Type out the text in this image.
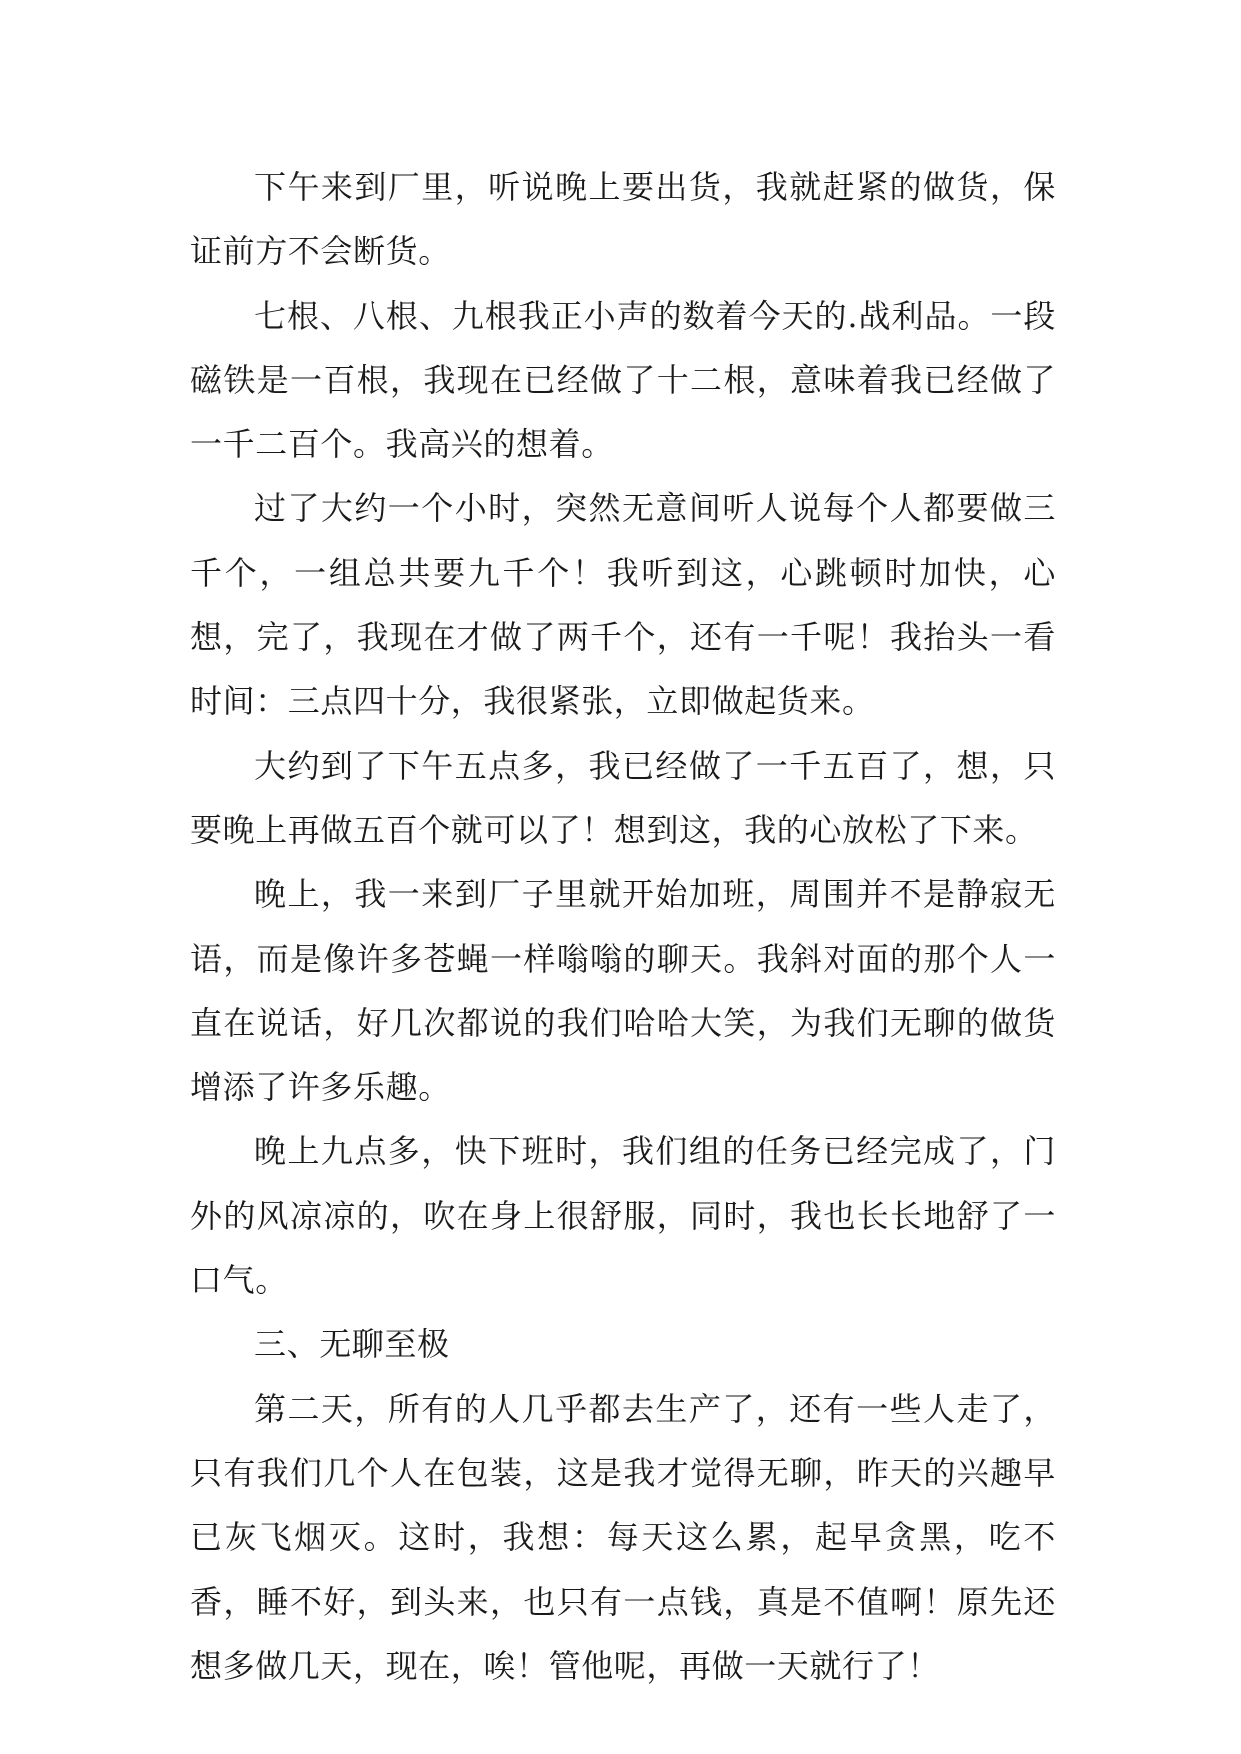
下午来到厂里，听说晚上要出货，我就赶紧的做货，保证前方不会断货。

七根、八根、九根我正小声的数着今天的.战利品。一段磁铁是一百根，我现在已经做了十二根，意味着我已经做了一千二百个。我高兴的想着。

过了大约一个小时，突然无意间听人说每个人都要做三千个，一组总共要九千个！我听到这，心跳顿时加快，心想，完了，我现在才做了两千个，还有一千呢！我抬头一看时间：三点四十分，我很紧张，立即做起货来。

大约到了下午五点多，我已经做了一千五百了，想，只要晚上再做五百个就可以了！想到这，我的心放松了下来。

晚上，我一来到厂子里就开始加班，周围并不是静寂无语，而是像许多苍蝇一样嗡嗡的聊天。我斜对面的那个人一直在说话，好几次都说的我们哈哈大笑，为我们无聊的做货增添了许多乐趣。

晚上九点多，快下班时，我们组的任务已经完成了，门外的风凉凉的，吹在身上很舒服，同时，我也长长地舒了一口气。

三、无聊至极

第二天，所有的人几乎都去生产了，还有一些人走了，只有我们几个人在包装，这是我才觉得无聊，昨天的兴趣早已灰飞烟灭。这时，我想：每天这么累，起早贪黑，吃不香，睡不好，到头来，也只有一点钱，真是不值啊！原先还想多做几天，现在，唉！管他呢，再做一天就行了！
